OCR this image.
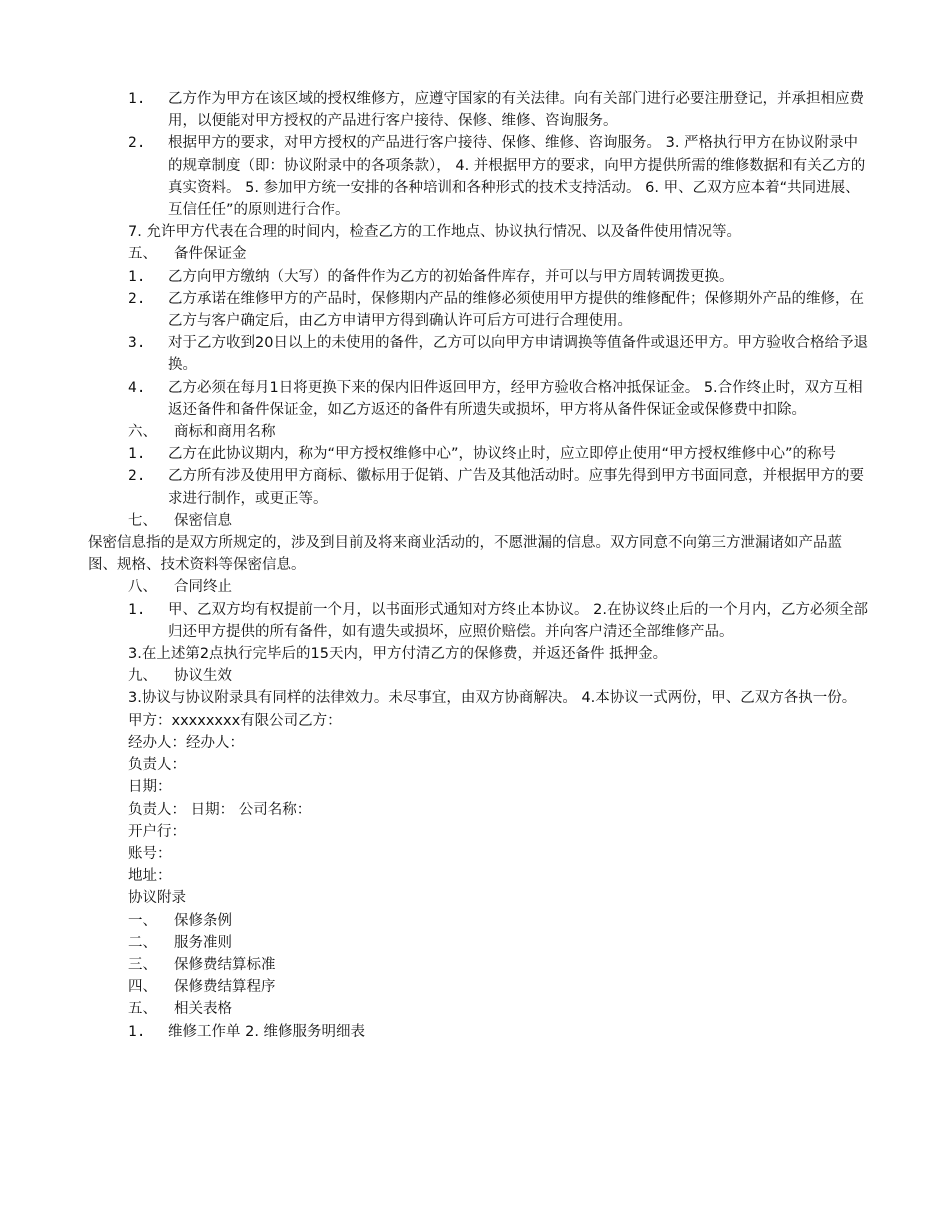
1. 乙方作为甲方在该区域的授权维修方，应遵守国家的有关法律。向有关部门进行必要注册登记，并承担相应费用，以便能对甲方授权的产品进行客户接待、保修、维修、咨询服务。
2. 根据甲方的要求，对甲方授权的产品进行客户接待、保修、维修、咨询服务。 3. 严格执行甲方在协议附录中的规章制度（即：协议附录中的各项条款）， 4. 并根据甲方的要求，向甲方提供所需的维修数据和有关乙方的真实资料。 5. 参加甲方统一安排的各种培训和各种形式的技术支持活动。 6. 甲、乙双方应本着“共同进展、互信任任”的原则进行合作。
7. 允许甲方代表在合理的时间内，检查乙方的工作地点、协议执行情况、以及备件使用情况等。
五、 备件保证金
1. 乙方向甲方缴纳（大写）的备件作为乙方的初始备件库存，并可以与甲方周转调拨更换。
2. 乙方承诺在维修甲方的产品时，保修期内产品的维修必须使用甲方提供的维修配件；保修期外产品的维修，在乙方与客户确定后，由乙方申请甲方得到确认许可后方可进行合理使用。
3. 对于乙方收到20日以上的未使用的备件，乙方可以向甲方申请调换等值备件或退还甲方。甲方验收合格给予退换。
4. 乙方必须在每月1日将更换下来的保内旧件返回甲方，经甲方验收合格冲抵保证金。 5.合作终止时，双方互相返还备件和备件保证金，如乙方返还的备件有所遗失或损坏，甲方将从备件保证金或保修费中扣除。
六、 商标和商用名称
1. 乙方在此协议期内，称为“甲方授权维修中心”，协议终止时，应立即停止使用“甲方授权维修中心”的称号
2. 乙方所有涉及使用甲方商标、徽标用于促销、广告及其他活动时。应事先得到甲方书面同意，并根据甲方的要求进行制作，或更正等。
七、 保密信息
保密信息指的是双方所规定的，涉及到目前及将来商业活动的，不愿泄漏的信息。双方同意不向第三方泄漏诸如产品蓝图、规格、技术资料等保密信息。
八、 合同终止
1. 甲、乙双方均有权提前一个月，以书面形式通知对方终止本协议。 2.在协议终止后的一个月内，乙方必须全部归还甲方提供的所有备件，如有遗失或损坏，应照价赔偿。并向客户清还全部维修产品。
3.在上述第2点执行完毕后的15天内，甲方付清乙方的保修费，并返还备件 抵押金。
九、 协议生效
3.协议与协议附录具有同样的法律效力。未尽事宜，由双方协商解决。 4.本协议一式两份，甲、乙双方各执一份。
甲方：xxxxxxxx有限公司乙方：
经办人：经办人：
负责人：
日期：
负责人： 日期： 公司名称：
开户行：
账号：
地址：
协议附录
一、 保修条例
二、 服务准则
三、 保修费结算标准
四、 保修费结算程序
五、 相关表格
1. 维修工作单 2. 维修服务明细表
